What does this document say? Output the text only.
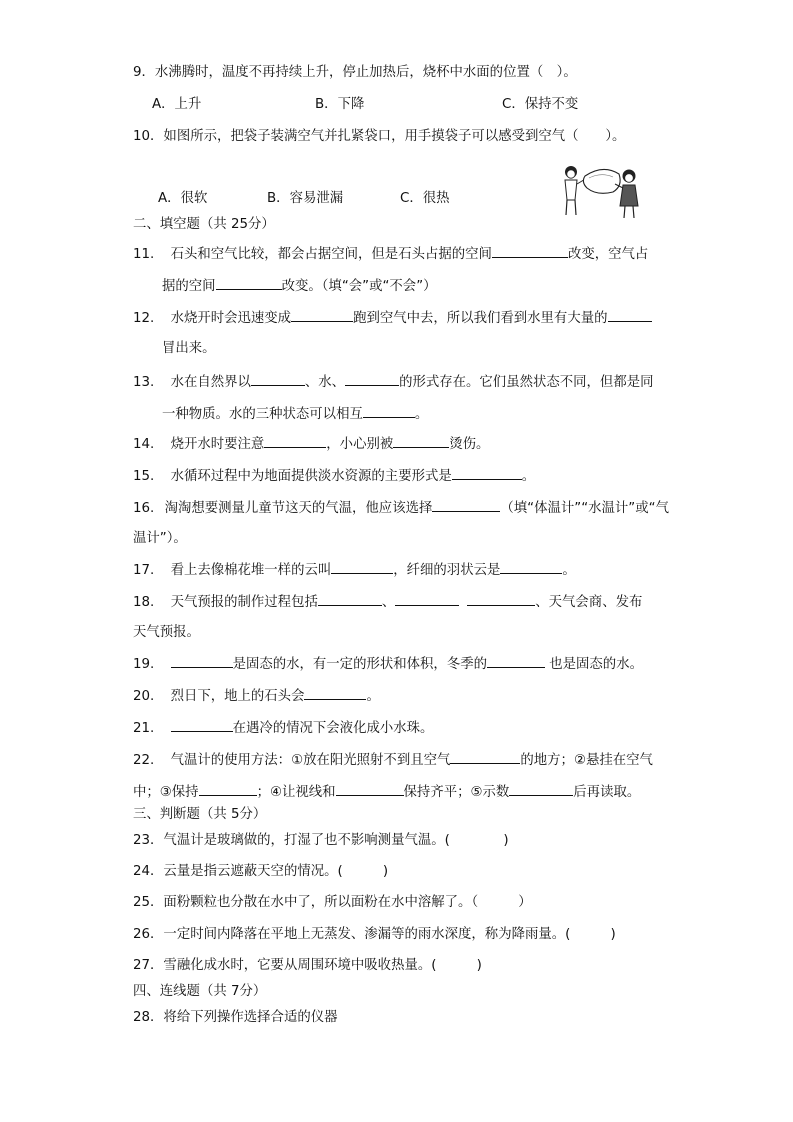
9．水沸腾时，温度不再持续上升，停止加热后，烧杯中水面的位置（　）。
A．上升	B．下降	C．保持不变
10．如图所示，把袋子装满空气并扎紧袋口，用手摸袋子可以感受到空气（　　）。
A．很软	B．容易泄漏	C．很热
二、填空题（共 25分）
11. 石头和空气比较，都会占据空间，但是石头占据的空间	改变，空气占
据的空间	改变。（填“会”或“不会”）
12. 水烧开时会迅速变成	跑到空气中去，所以我们看到水里有大量的
冒出来。
13. 水在自然界以	、水、	的形式存在。它们虽然状态不同，但都是同
一种物质。水的三种状态可以相互	。
14. 烧开水时要注意	，小心别被	烫伤。
15. 水循环过程中为地面提供淡水资源的主要形式是	。
16. 淘淘想要测量儿童节这天的气温，他应该选择	（填“体温计”“水温计”或“气
温计”）。
17. 看上去像棉花堆一样的云叫	，纤细的羽状云是	。
18. 天气预报的制作过程包括	、	、天气会商、发布
天气预报。
19.	是固态的水，有一定的形状和体积，冬季的	也是固态的水。
20. 烈日下，地上的石头会	。
21.	在遇冷的情况下会液化成小水珠。
22. 气温计的使用方法：①放在阳光照射不到且空气	的地方；②悬挂在空气
中；③保持	；④让视线和	保持齐平；⑤示数	后再读取。
三、判断题（共 5分）
23．气温计是玻璃做的，打湿了也不影响测量气温。(　　　　)
24．云量是指云遮蔽天空的情况。(　　　)
25．面粉颗粒也分散在水中了，所以面粉在水中溶解了。（　　　）
26．一定时间内降落在平地上无蒸发、渗漏等的雨水深度，称为降雨量。(　　　)
27．雪融化成水时，它要从周围环境中吸收热量。(　　　)
四、连线题（共 7分）
28．将给下列操作选择合适的仪器
